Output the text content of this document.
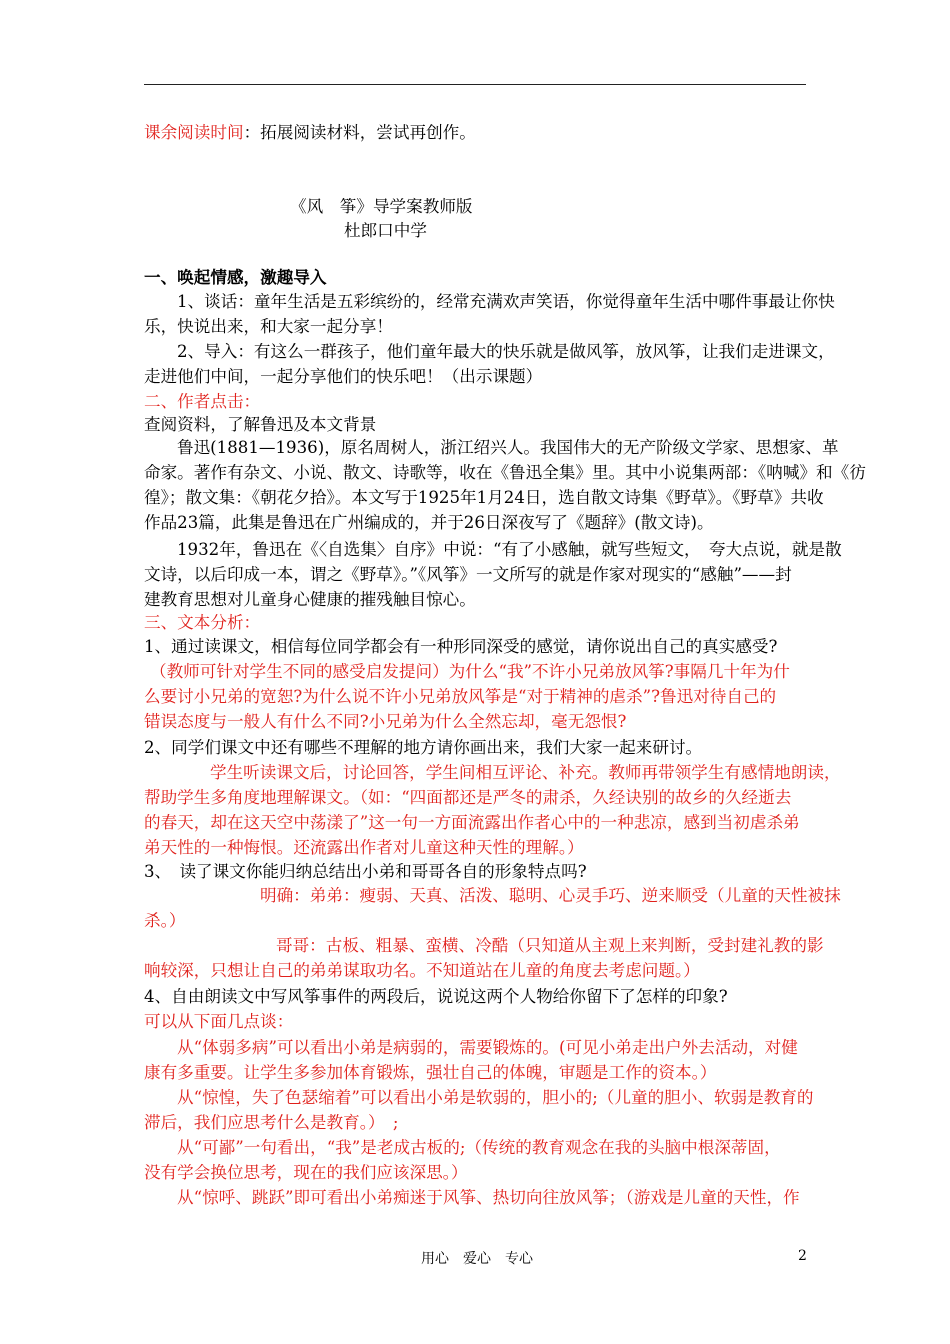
课余阅读时间：拓展阅读材料，尝试再创作。
《风　筝》导学案教师版
杜郎口中学
一、唤起情感，激趣导入
1、谈话：童年生活是五彩缤纷的，经常充满欢声笑语，你觉得童年生活中哪件事最让你快
乐，快说出来，和大家一起分享！
2、导入：有这么一群孩子，他们童年最大的快乐就是做风筝，放风筝，让我们走进课文，
走进他们中间，一起分享他们的快乐吧！（出示课题）
二、作者点击：
查阅资料，了解鲁迅及本文背景
鲁迅(1881—1936)，原名周树人，浙江绍兴人。我国伟大的无产阶级文学家、思想家、革
命家。著作有杂文、小说、散文、诗歌等，收在《鲁迅全集》里。其中小说集两部：《呐喊》和《彷
徨》；散文集：《朝花夕拾》。本文写于1925年1月24日，选自散文诗集《野草》。《野草》共收
作品23篇，此集是鲁迅在广州编成的，并于26日深夜写了《题辞》(散文诗)。
1932年，鲁迅在《〈自选集〉自序》中说：“有了小感触，就写些短文，　夸大点说，就是散
文诗，以后印成一本，谓之《野草》。”《风筝》一文所写的就是作家对现实的“感触”——封
建教育思想对儿童身心健康的摧残触目惊心。
三、文本分析：
1、通过读课文，相信每位同学都会有一种形同深受的感觉，请你说出自己的真实感受?
（教师可针对学生不同的感受启发提问）为什么“我”不许小兄弟放风筝?事隔几十年为什
么要讨小兄弟的宽恕?为什么说不许小兄弟放风筝是“对于精神的虐杀”?鲁迅对待自己的
错误态度与一般人有什么不同?小兄弟为什么全然忘却，毫无怨恨?
2、同学们课文中还有哪些不理解的地方请你画出来，我们大家一起来研讨。
学生听读课文后，讨论回答，学生间相互评论、补充。教师再带领学生有感情地朗读，
帮助学生多角度地理解课文。（如：“四面都还是严冬的肃杀，久经诀别的故乡的久经逝去
的春天，却在这天空中荡漾了”这一句一方面流露出作者心中的一种悲凉，感到当初虐杀弟
弟天性的一种悔恨。还流露出作者对儿童这种天性的理解。）
3、　读了课文你能归纳总结出小弟和哥哥各自的形象特点吗?
明确：弟弟：瘦弱、天真、活泼、聪明、心灵手巧、逆来顺受（儿童的天性被抹
杀。）
哥哥：古板、粗暴、蛮横、冷酷（只知道从主观上来判断，受封建礼教的影
响较深，只想让自己的弟弟谋取功名。不知道站在儿童的角度去考虑问题。）
4、自由朗读文中写风筝事件的两段后，说说这两个人物给你留下了怎样的印象?
可以从下面几点谈：
从“体弱多病”可以看出小弟是病弱的，需要锻炼的。(可见小弟走出户外去活动，对健
康有多重要。让学生多参加体育锻炼，强壮自己的体魄，审题是工作的资本。）
从“惊惶，失了色瑟缩着”可以看出小弟是软弱的，胆小的;（儿童的胆小、软弱是教育的
滞后，我们应思考什么是教育。）　;
从“可鄙”一句看出，“我”是老成古板的;（传统的教育观念在我的头脑中根深蒂固，
没有学会换位思考，现在的我们应该深思。）
从“惊呼、跳跃”即可看出小弟痴迷于风筝、热切向往放风筝；（游戏是儿童的天性，作
用心　爱心　专心	2
